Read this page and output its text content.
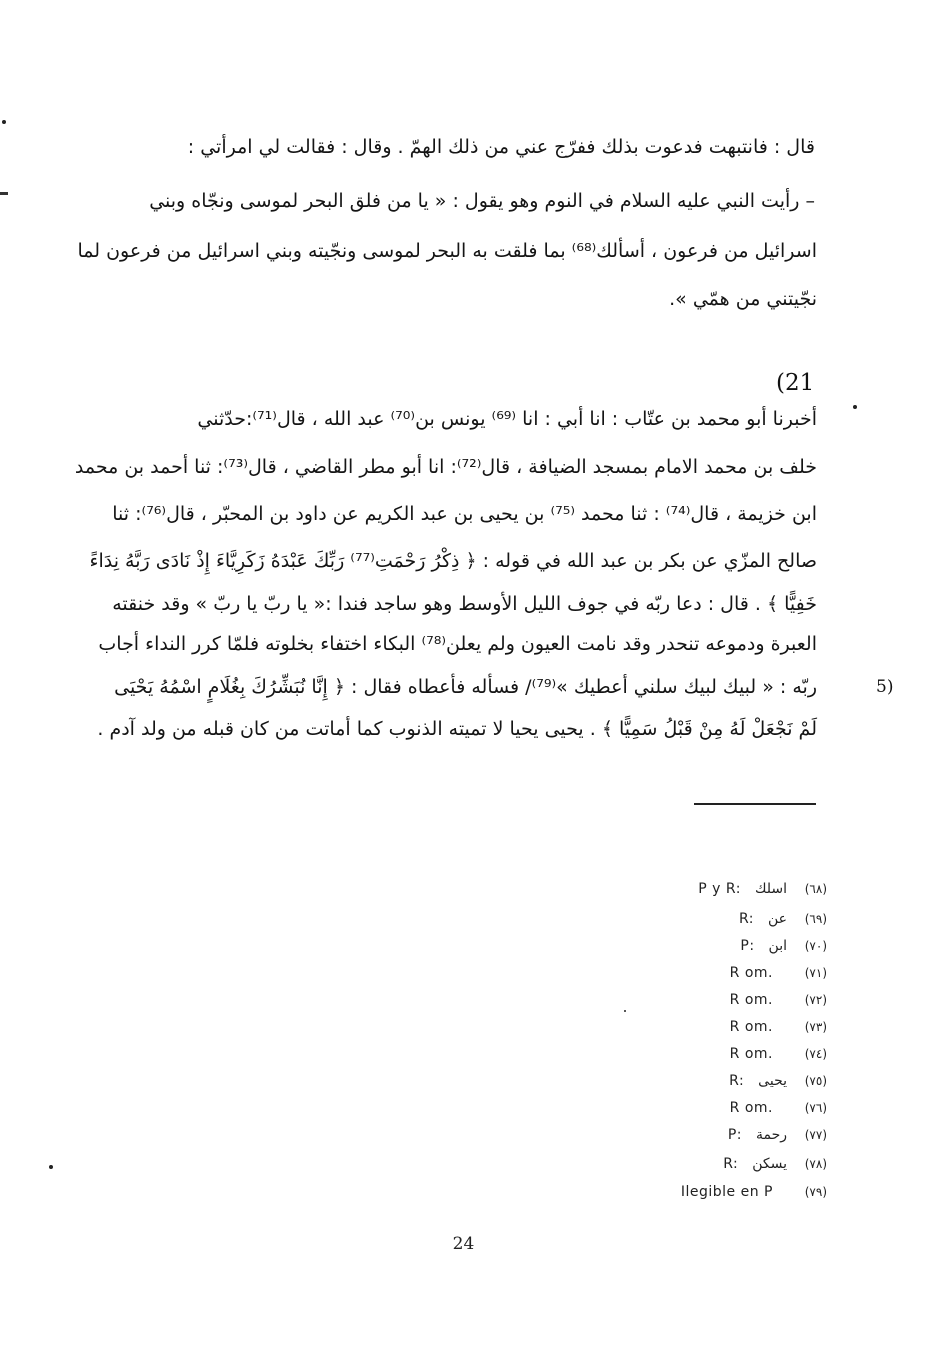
قال : فانتبهت فدعوت بذلك ففرّج عني من ذلك الهمّ . وقال : فقالت لي امرأتي :
– رأيت النبي عليه السلام في النوم وهو يقول : « يا من فلق البحر لموسى ونجّاه وبني
اسرائيل من فرعون ، أسألك⁽⁶⁸⁾ بما فلقت به البحر لموسى ونجّيته وبني اسرائيل من فرعون لما
نجّيتني من همّي ».
(21
أخبرنا أبو محمد بن عتّاب : انا أبي : انا ⁽⁶⁹⁾ يونس بن⁽⁷⁰⁾ عبد الله ، قال⁽⁷¹⁾:حدّثني
خلف بن محمد الامام بمسجد الضيافة ، قال⁽⁷²⁾: انا أبو مطر القاضي ، قال⁽⁷³⁾: ثنا أحمد بن محمد
ابن خزيمة ، قال⁽⁷⁴⁾ : ثنا محمد ⁽⁷⁵⁾ بن يحيى بن عبد الكريم عن داود بن المحبّر ، قال⁽⁷⁶⁾: ثنا
صالح المزّي عن بكر بن عبد الله في قوله : ﴿ ذِكْرُ رَحْمَتِ⁽⁷⁷⁾ رَبِّكَ عَبْدَهُ زَكَرِيَّاءَ إِذْ نَادَى رَبَّهُ نِدَاءً
خَفِيًّا ﴾ . قال : دعا ربّه في جوف الليل الأوسط وهو ساجد فندا :« يا ربّ يا ربّ » وقد خنقته
العبرة ودموعه تنحدر وقد نامت العيون ولم يعلن⁽⁷⁸⁾ البكاء اختفاء بخلوته فلمّا كرر النداء أجاب
ربّه : « لبيك لبيك سلني أعطيك »⁽⁷⁹⁾/ فسأله فأعطاه فقال : ﴿ إِنَّا نُبَشِّرُكَ بِغُلَامٍ اسْمُهُ يَحْيَى
لَمْ نَجْعَلْ لَهُ مِنْ قَبْلُ سَمِيًّا ﴾ . يحيى يحيا لا تميته الذنوب كما أماتت من كان قبله من ولد آدم .
5)
P y R: اسلك	(٦٨)
R: عن	(٦٩)
P: ابن	(٧٠)
R om.	(٧١)
R om.	(٧٢)
R om.	(٧٣)
R om.	(٧٤)
R: يحيى	(٧٥)
R om.	(٧٦)
P: رحمة	(٧٧)
R: يسكن	(٧٨)
Ilegible en P	(٧٩)
24
